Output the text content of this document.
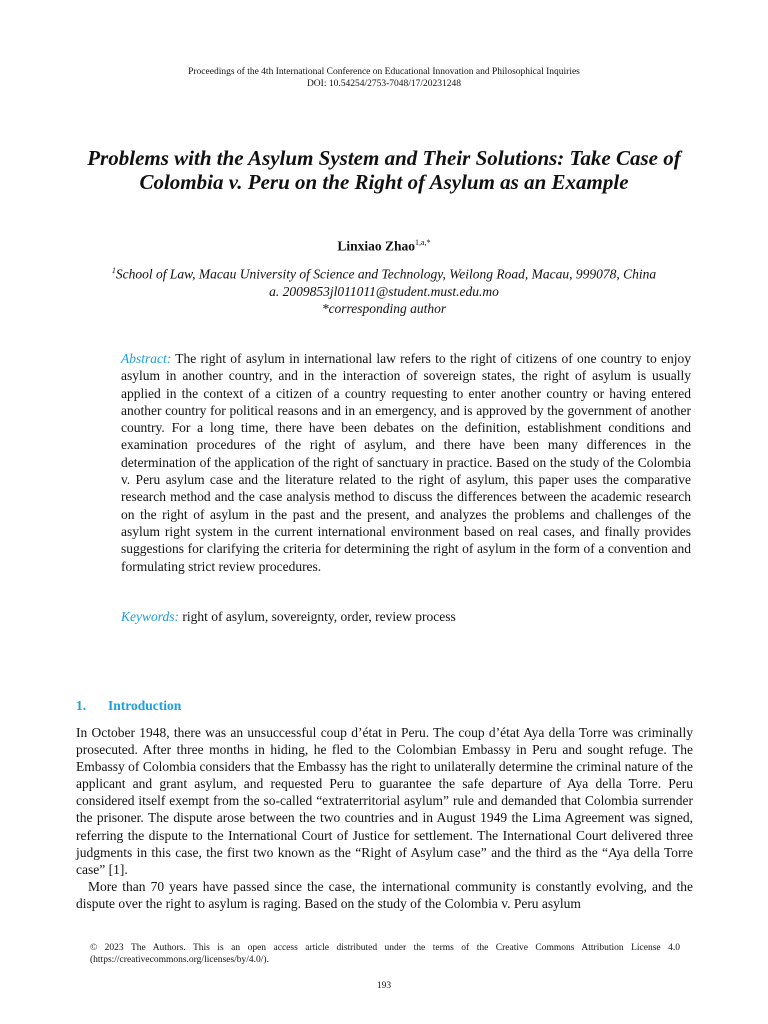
Proceedings of the 4th International Conference on Educational Innovation and Philosophical Inquiries
DOI: 10.54254/2753-7048/17/20231248
Problems with the Asylum System and Their Solutions: Take Case of Colombia v. Peru on the Right of Asylum as an Example
Linxiao Zhao$^{1,a,*}$
$^1$School of Law, Macau University of Science and Technology, Weilong Road, Macau, 999078, China
a. 2009853jl011011@student.must.edu.mo
*corresponding author
Abstract: The right of asylum in international law refers to the right of citizens of one country to enjoy asylum in another country, and in the interaction of sovereign states, the right of asylum is usually applied in the context of a citizen of a country requesting to enter another country or having entered another country for political reasons and in an emergency, and is approved by the government of another country. For a long time, there have been debates on the definition, establishment conditions and examination procedures of the right of asylum, and there have been many differences in the determination of the application of the right of sanctuary in practice. Based on the study of the Colombia v. Peru asylum case and the literature related to the right of asylum, this paper uses the comparative research method and the case analysis method to discuss the differences between the academic research on the right of asylum in the past and the present, and analyzes the problems and challenges of the asylum right system in the current international environment based on real cases, and finally provides suggestions for clarifying the criteria for determining the right of asylum in the form of a convention and formulating strict review procedures.
Keywords: right of asylum, sovereignty, order, review process
1. Introduction

In October 1948, there was an unsuccessful coup d’état in Peru. The coup d’état Aya della Torre was criminally prosecuted. After three months in hiding, he fled to the Colombian Embassy in Peru and sought refuge. The Embassy of Colombia considers that the Embassy has the right to unilaterally determine the criminal nature of the applicant and grant asylum, and requested Peru to guarantee the safe departure of Aya della Torre. Peru considered itself exempt from the so-called “extraterritorial asylum” rule and demanded that Colombia surrender the prisoner. The dispute arose between the two countries and in August 1949 the Lima Agreement was signed, referring the dispute to the International Court of Justice for settlement. The International Court delivered three judgments in this case, the first two known as the “Right of Asylum case” and the third as the “Aya della Torre case” [1].

More than 70 years have passed since the case, the international community is constantly evolving, and the dispute over the right to asylum is raging. Based on the study of the Colombia v. Peru asylum

© 2023 The Authors. This is an open access article distributed under the terms of the Creative Commons Attribution License 4.0 (https://creativecommons.org/licenses/by/4.0/).
193
